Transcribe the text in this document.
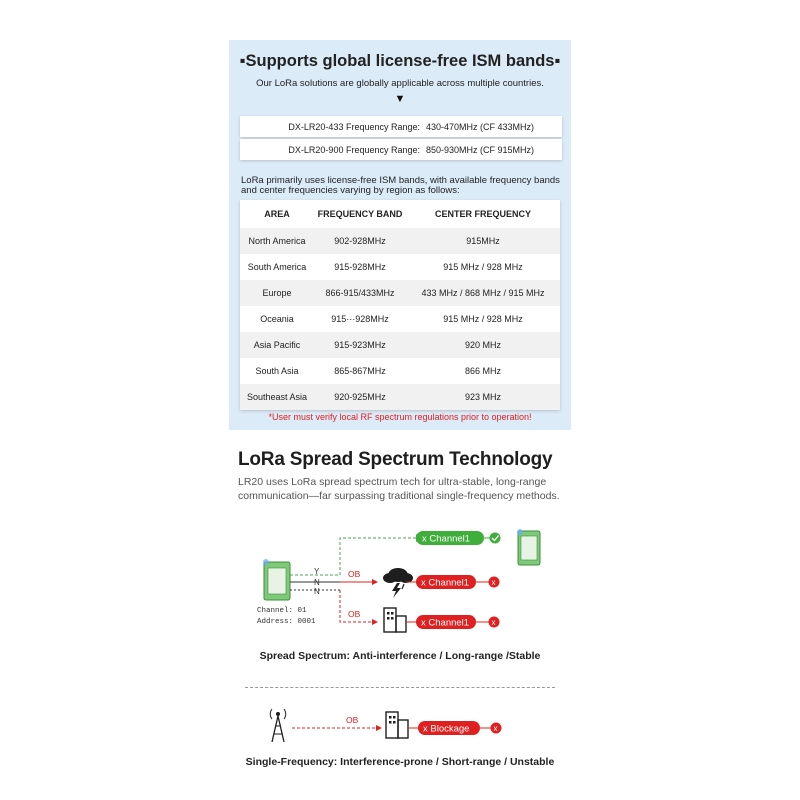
▪Supports global license-free ISM bands▪
Our LoRa solutions are globally applicable across multiple countries.
▼
DX-LR20-433 Frequency Range: 430-470MHz (CF 433MHz)
DX-LR20-900 Frequency Range: 850-930MHz (CF 915MHz)
LoRa primarily uses license-free ISM bands, with available frequency bands and center frequencies varying by region as follows:
AREA	FREQUENCY BAND	CENTER FREQUENCY
North America	902-928MHz	915MHz
South America	915-928MHz	915 MHz / 928 MHz
Europe	866-915/433MHz	433 MHz / 868 MHz / 915 MHz
Oceania	915⋯928MHz	915 MHz / 928 MHz
Asia Pacific	915-923MHz	920 MHz
South Asia	865-867MHz	866 MHz
Southeast Asia	920-925MHz	923 MHz
*User must verify local RF spectrum regulations prior to operation!
LoRa Spread Spectrum Technology
LR20 uses LoRa spread spectrum tech for ultra-stable, long-range communication—far surpassing traditional single-frequency methods.
Channel: 01
Address: 0001
Y
N
N
x Channel1
OB
x Channel1	x
OB
x Channel1	x
Spread Spectrum: Anti-interference / Long-range /Stable
OB
x Blockage	x
Single-Frequency: Interference-prone / Short-range / Unstable
